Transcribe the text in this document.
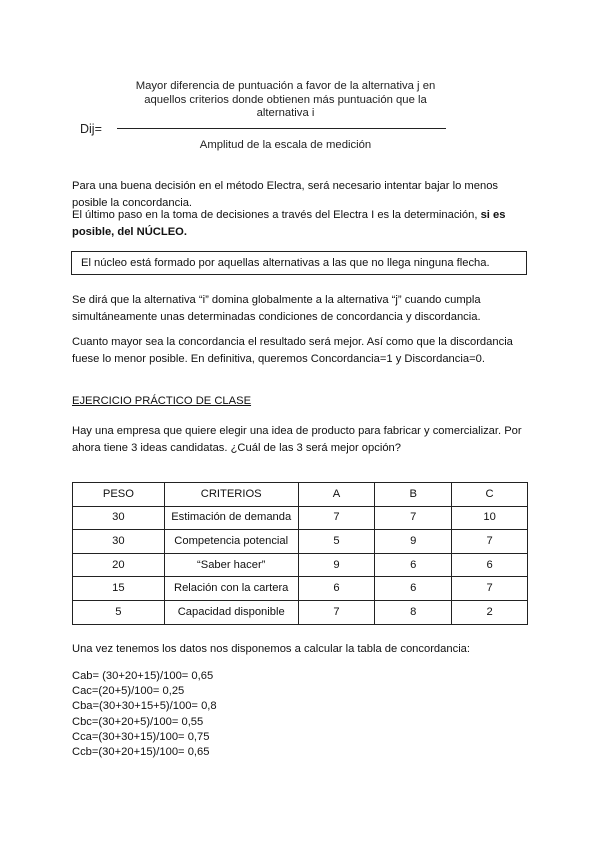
Mayor diferencia de puntuación a favor de la alternativa j en aquellos criterios donde obtienen más puntuación que la alternativa i
Dij=
Amplitud de la escala de medición
Para una buena decisión en el método Electra, será necesario intentar bajar lo menos posible la concordancia.
El último paso en la toma de decisiones a través del Electra I es la determinación, si es posible, del NÚCLEO.
El núcleo está formado por aquellas alternativas a las que no llega ninguna flecha.
Se dirá que la alternativa “i” domina globalmente a la alternativa “j” cuando cumpla simultáneamente unas determinadas condiciones de concordancia y discordancia.
Cuanto mayor sea la concordancia el resultado será mejor. Así como que la discordancia fuese lo menor posible. En definitiva, queremos Concordancia=1 y Discordancia=0.
EJERCICIO PRÁCTICO DE CLASE
Hay una empresa que quiere elegir una idea de producto para fabricar y comercializar. Por ahora tiene 3 ideas candidatas. ¿Cuál de las 3 será mejor opción?
PESO	CRITERIOS	A	B	C
30	Estimación de demanda	7	7	10
30	Competencia potencial	5	9	7
20	“Saber hacer”	9	6	6
15	Relación con la cartera	6	6	7
5	Capacidad disponible	7	8	2
Una vez tenemos los datos nos disponemos a calcular la tabla de concordancia:
Cab= (30+20+15)/100= 0,65
Cac=(20+5)/100= 0,25
Cba=(30+30+15+5)/100= 0,8
Cbc=(30+20+5)/100= 0,55
Cca=(30+30+15)/100= 0,75
Ccb=(30+20+15)/100= 0,65
